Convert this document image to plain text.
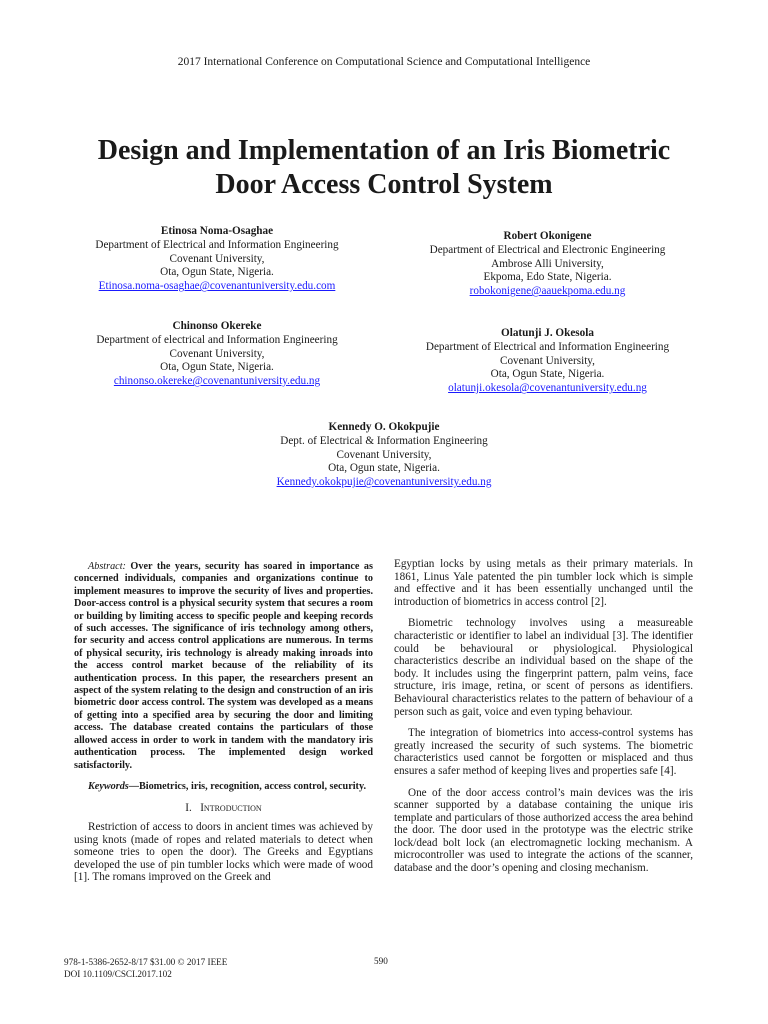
2017 International Conference on Computational Science and Computational Intelligence
Design and Implementation of an Iris Biometric
Door Access Control System
Etinosa Noma-Osaghae
Department of Electrical and Information Engineering
Covenant University,
Ota, Ogun State, Nigeria.
Etinosa.noma-osaghae@covenantuniversity.edu.com
Robert Okonigene
Department of Electrical and Electronic Engineering
Ambrose Alli University,
Ekpoma, Edo State, Nigeria.
robokonigene@aauekpoma.edu.ng
Chinonso Okereke
Department of electrical and Information Engineering
Covenant University,
Ota, Ogun State, Nigeria.
chinonso.okereke@covenantuniversity.edu.ng
Olatunji J. Okesola
Department of Electrical and Information Engineering
Covenant University,
Ota, Ogun State, Nigeria.
olatunji.okesola@covenantuniversity.edu.ng
Kennedy O. Okokpujie
Dept. of Electrical & Information Engineering
Covenant University,
Ota, Ogun state, Nigeria.
Kennedy.okokpujie@covenantuniversity.edu.ng

Abstract: Over the years, security has soared in importance as concerned individuals, companies and organizations continue to implement measures to improve the security of lives and properties. Door-access control is a physical security system that secures a room or building by limiting access to specific people and keeping records of such accesses. The significance of iris technology among others, for security and access control applications are numerous. In terms of physical security, iris technology is already making inroads into the access control market because of the reliability of its authentication process. In this paper, the researchers present an aspect of the system relating to the design and construction of an iris biometric door access control. The system was developed as a means of getting into a specified area by securing the door and limiting access. The database created contains the particulars of those allowed access in order to work in tandem with the mandatory iris authentication process. The implemented design worked satisfactorily.

Keywords—Biometrics, iris, recognition, access control, security.

I. Introduction

Restriction of access to doors in ancient times was achieved by using knots (made of ropes and related materials to detect when someone tries to open the door). The Greeks and Egyptians developed the use of pin tumbler locks which were made of wood [1]. The romans improved on the Greek and

Egyptian locks by using metals as their primary materials. In 1861, Linus Yale patented the pin tumbler lock which is simple and effective and it has been essentially unchanged until the introduction of biometrics in access control [2].

Biometric technology involves using a measureable characteristic or identifier to label an individual [3]. The identifier could be behavioural or physiological. Physiological characteristics describe an individual based on the shape of the body. It includes using the fingerprint pattern, palm veins, face structure, iris image, retina, or scent of persons as identifiers. Behavioural characteristics relates to the pattern of behaviour of a person such as gait, voice and even typing behaviour.

The integration of biometrics into access-control systems has greatly increased the security of such systems. The biometric characteristics used cannot be forgotten or misplaced and thus ensures a safer method of keeping lives and properties safe [4].

One of the door access control’s main devices was the iris scanner supported by a database containing the unique iris template and particulars of those authorized access the area behind the door. The door used in the prototype was the electric strike lock/dead bolt lock (an electromagnetic locking mechanism. A microcontroller was used to integrate the actions of the scanner, database and the door’s opening and closing mechanism.

978-1-5386-2652-8/17 $31.00 © 2017 IEEE
DOI 10.1109/CSCI.2017.102
590
